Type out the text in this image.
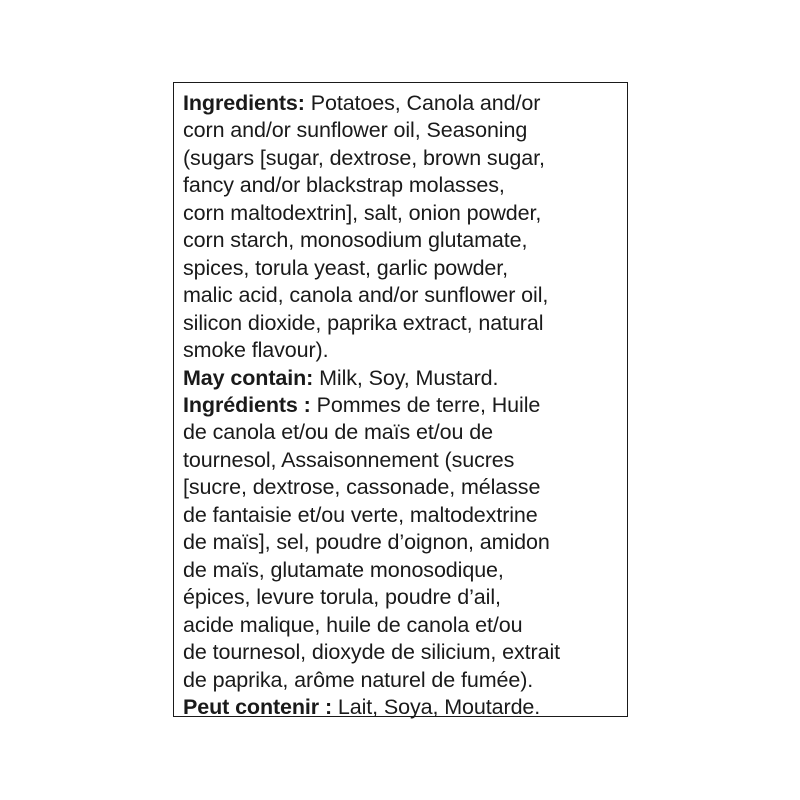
Ingredients: Potatoes, Canola and/or
corn and/or sunflower oil, Seasoning
(sugars [sugar, dextrose, brown sugar,
fancy and/or blackstrap molasses,
corn maltodextrin], salt, onion powder,
corn starch, monosodium glutamate,
spices, torula yeast, garlic powder,
malic acid, canola and/or sunflower oil,
silicon dioxide, paprika extract, natural
smoke flavour).
May contain: Milk, Soy, Mustard.
Ingrédients : Pommes de terre, Huile
de canola et/ou de maïs et/ou de
tournesol, Assaisonnement (sucres
[sucre, dextrose, cassonade, mélasse
de fantaisie et/ou verte, maltodextrine
de maïs], sel, poudre d’oignon, amidon
de maïs, glutamate monosodique,
épices, levure torula, poudre d’ail,
acide malique, huile de canola et/ou
de tournesol, dioxyde de silicium, extrait
de paprika, arôme naturel de fumée).
Peut contenir : Lait, Soya, Moutarde.
